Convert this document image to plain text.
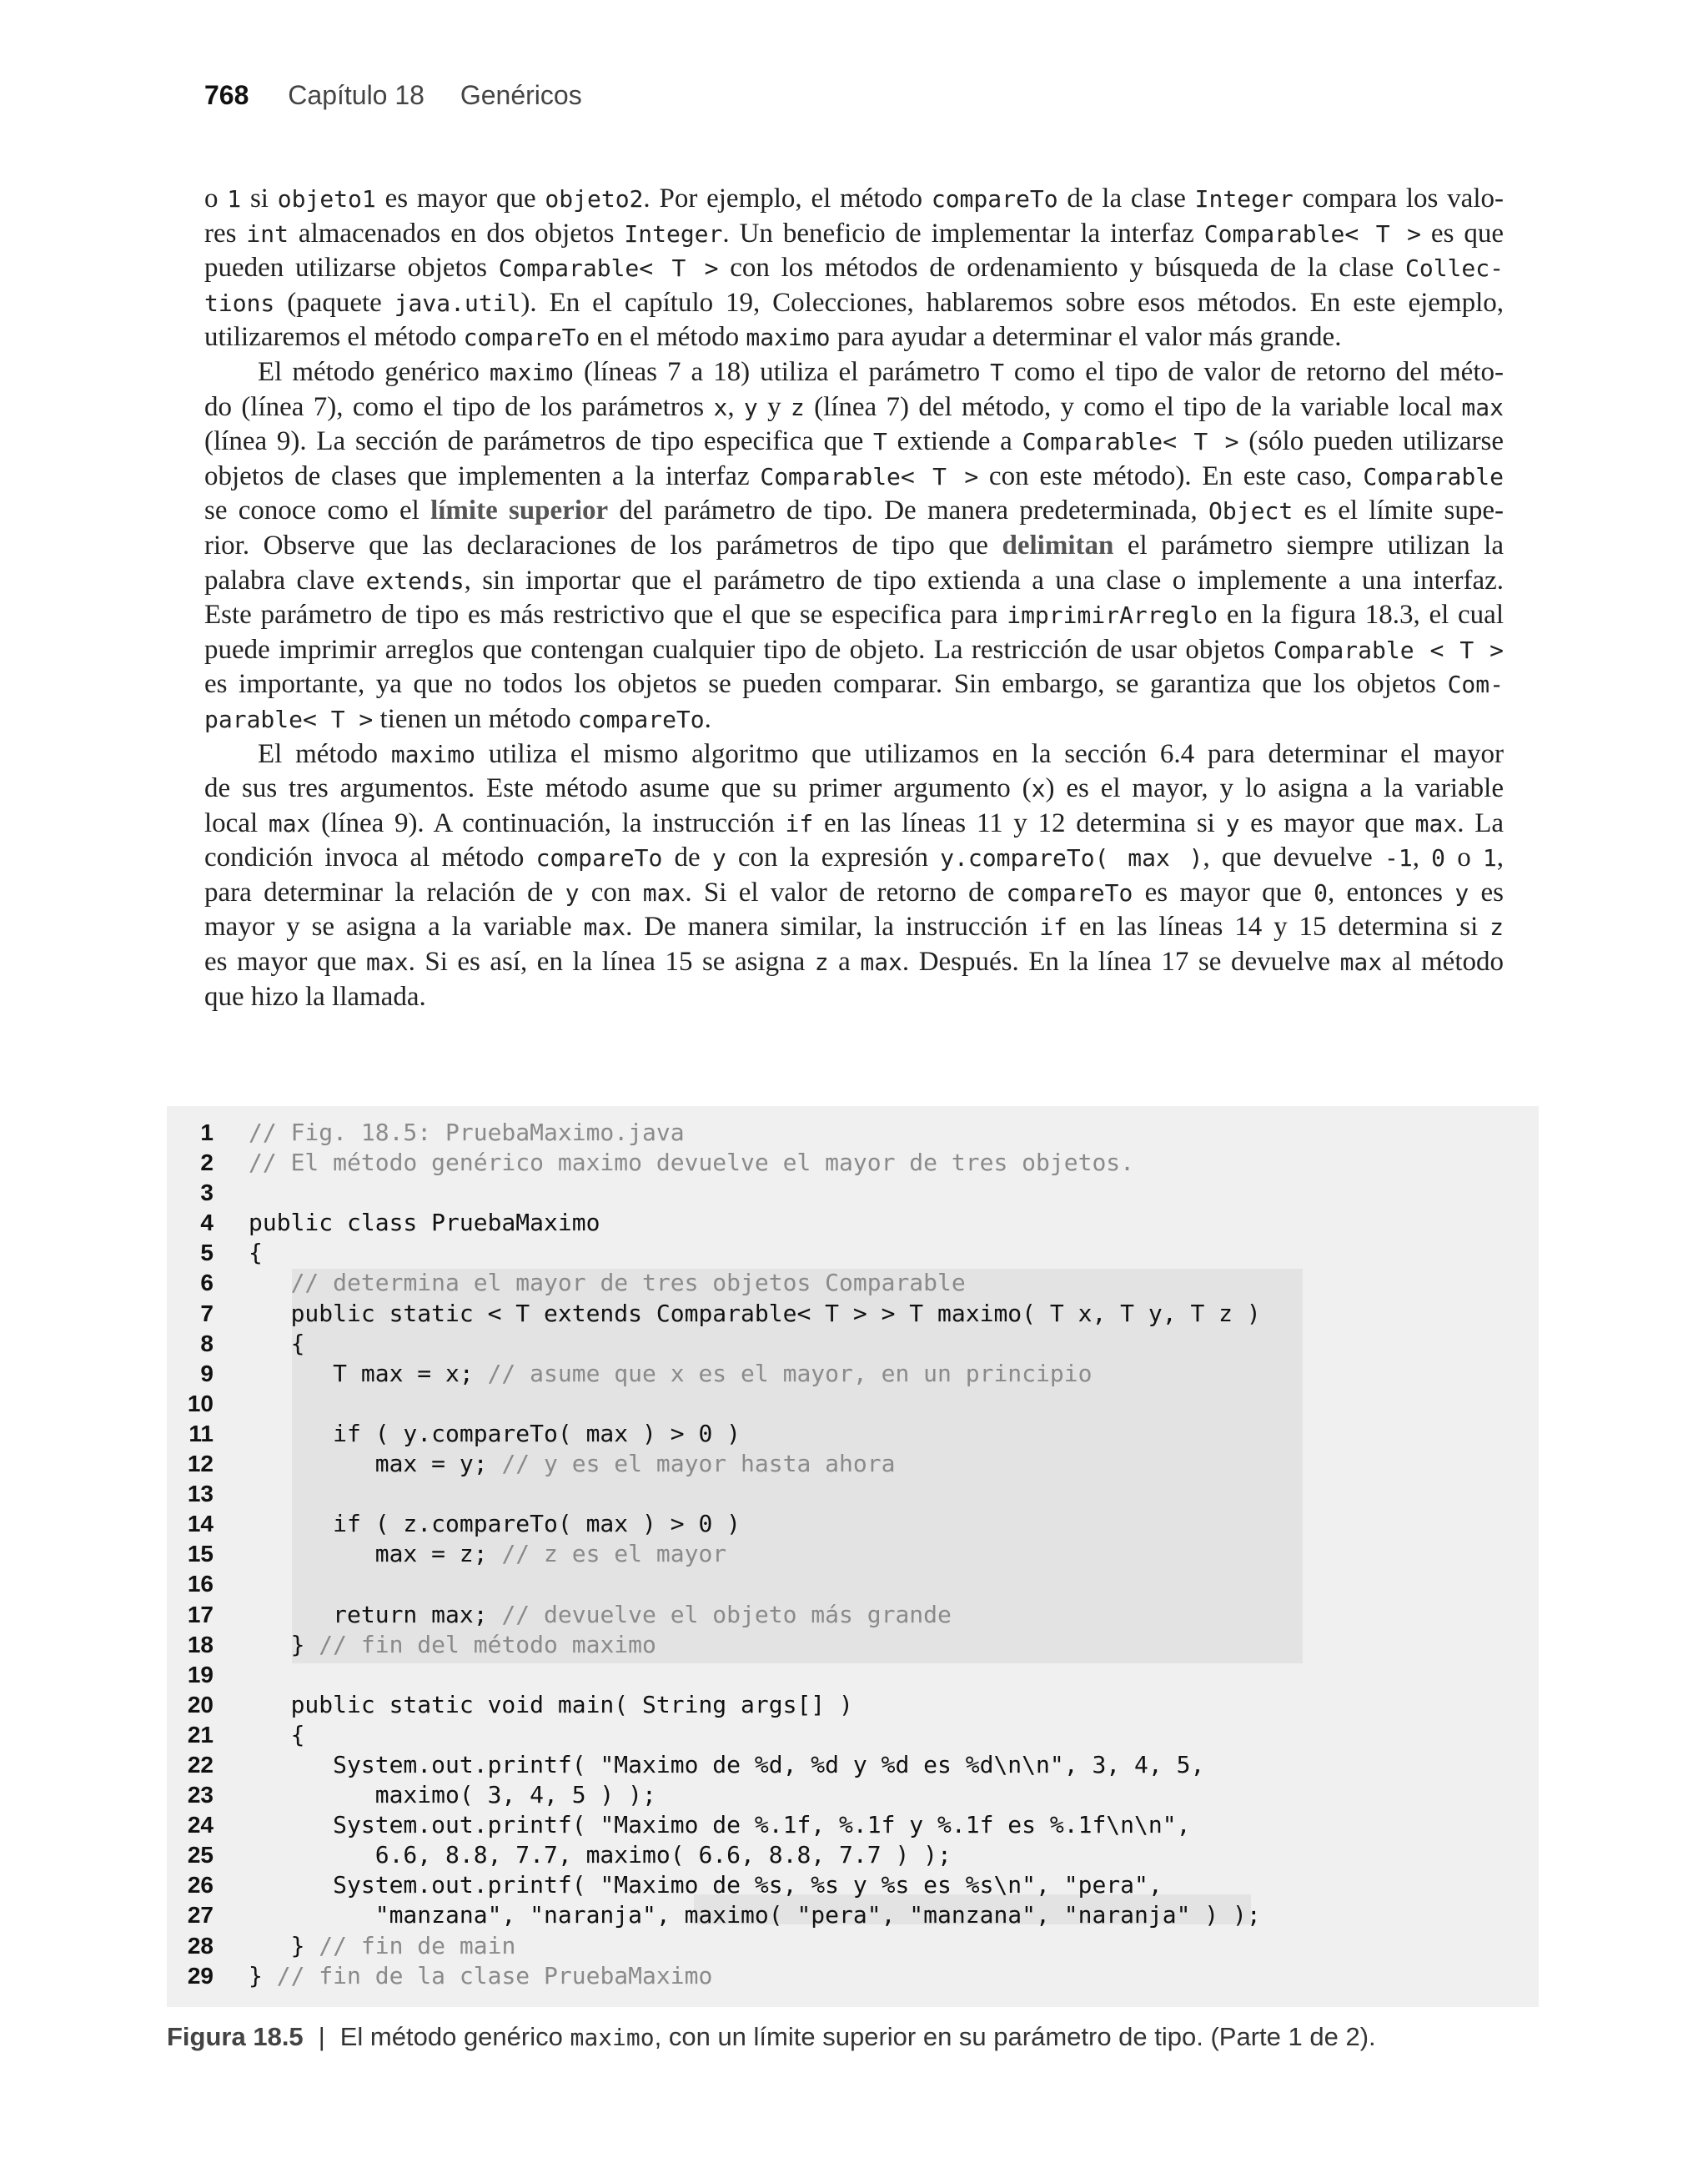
768 Capítulo 18 Genéricos
o 1 si objeto1 es mayor que objeto2. Por ejemplo, el método compareTo de la clase Integer compara los valo-
res int almacenados en dos objetos Integer. Un beneficio de implementar la interfaz Comparable< T > es que
pueden utilizarse objetos Comparable< T > con los métodos de ordenamiento y búsqueda de la clase Collec-
tions (paquete java.util). En el capítulo 19, Colecciones, hablaremos sobre esos métodos. En este ejemplo,
utilizaremos el método compareTo en el método maximo para ayudar a determinar el valor más grande.
El método genérico maximo (líneas 7 a 18) utiliza el parámetro T como el tipo de valor de retorno del méto-
do (línea 7), como el tipo de los parámetros x, y y z (línea 7) del método, y como el tipo de la variable local max
(línea 9). La sección de parámetros de tipo especifica que T extiende a Comparable< T > (sólo pueden utilizarse
objetos de clases que implementen a la interfaz Comparable< T > con este método). En este caso, Comparable
se conoce como el límite superior del parámetro de tipo. De manera predeterminada, Object es el límite supe-
rior. Observe que las declaraciones de los parámetros de tipo que delimitan el parámetro siempre utilizan la
palabra clave extends, sin importar que el parámetro de tipo extienda a una clase o implemente a una interfaz.
Este parámetro de tipo es más restrictivo que el que se especifica para imprimirArreglo en la figura 18.3, el cual
puede imprimir arreglos que contengan cualquier tipo de objeto. La restricción de usar objetos Comparable < T >
es importante, ya que no todos los objetos se pueden comparar. Sin embargo, se garantiza que los objetos Com-
parable< T > tienen un método compareTo.
El método maximo utiliza el mismo algoritmo que utilizamos en la sección 6.4 para determinar el mayor
de sus tres argumentos. Este método asume que su primer argumento (x) es el mayor, y lo asigna a la variable
local max (línea 9). A continuación, la instrucción if en las líneas 11 y 12 determina si y es mayor que max. La
condición invoca al método compareTo de y con la expresión y.compareTo( max ), que devuelve -1, 0 o 1,
para determinar la relación de y con max. Si el valor de retorno de compareTo es mayor que 0, entonces y es
mayor y se asigna a la variable max. De manera similar, la instrucción if en las líneas 14 y 15 determina si z
es mayor que max. Si es así, en la línea 15 se asigna z a max. Después. En la línea 17 se devuelve max al método
que hizo la llamada.
1 // Fig. 18.5: PruebaMaximo.java
2 // El método genérico maximo devuelve el mayor de tres objetos.
3
4 public class PruebaMaximo
5 {
6	// determina el mayor de tres objetos Comparable
7   public static < T extends Comparable< T > > T maximo( T x, T y, T z )
8   {
9      T max = x; // asume que x es el mayor, en un principio
10
11      if ( y.compareTo( max ) > 0 )
12         max = y; // y es el mayor hasta ahora
13
14      if ( z.compareTo( max ) > 0 )
15         max = z; // z es el mayor
16
17      return max; // devuelve el objeto más grande
18   } // fin del método maximo
19
20   public static void main( String args[] )
21   {
22      System.out.printf( "Maximo de %d, %d y %d es %d\n\n", 3, 4, 5,
23         maximo( 3, 4, 5 ) );
24      System.out.printf( "Maximo de %.1f, %.1f y %.1f es %.1f\n\n",
25         6.6, 8.8, 7.7, maximo( 6.6, 8.8, 7.7 ) );
26      System.out.printf( "Maximo de %s, %s y %s es %s\n", "pera",
27         "manzana", "naranja", maximo( "pera", "manzana", "naranja" ) );
28   } // fin de main
29 } // fin de la clase PruebaMaximo
Figura 18.5 | El método genérico maximo, con un límite superior en su parámetro de tipo. (Parte 1 de 2).
